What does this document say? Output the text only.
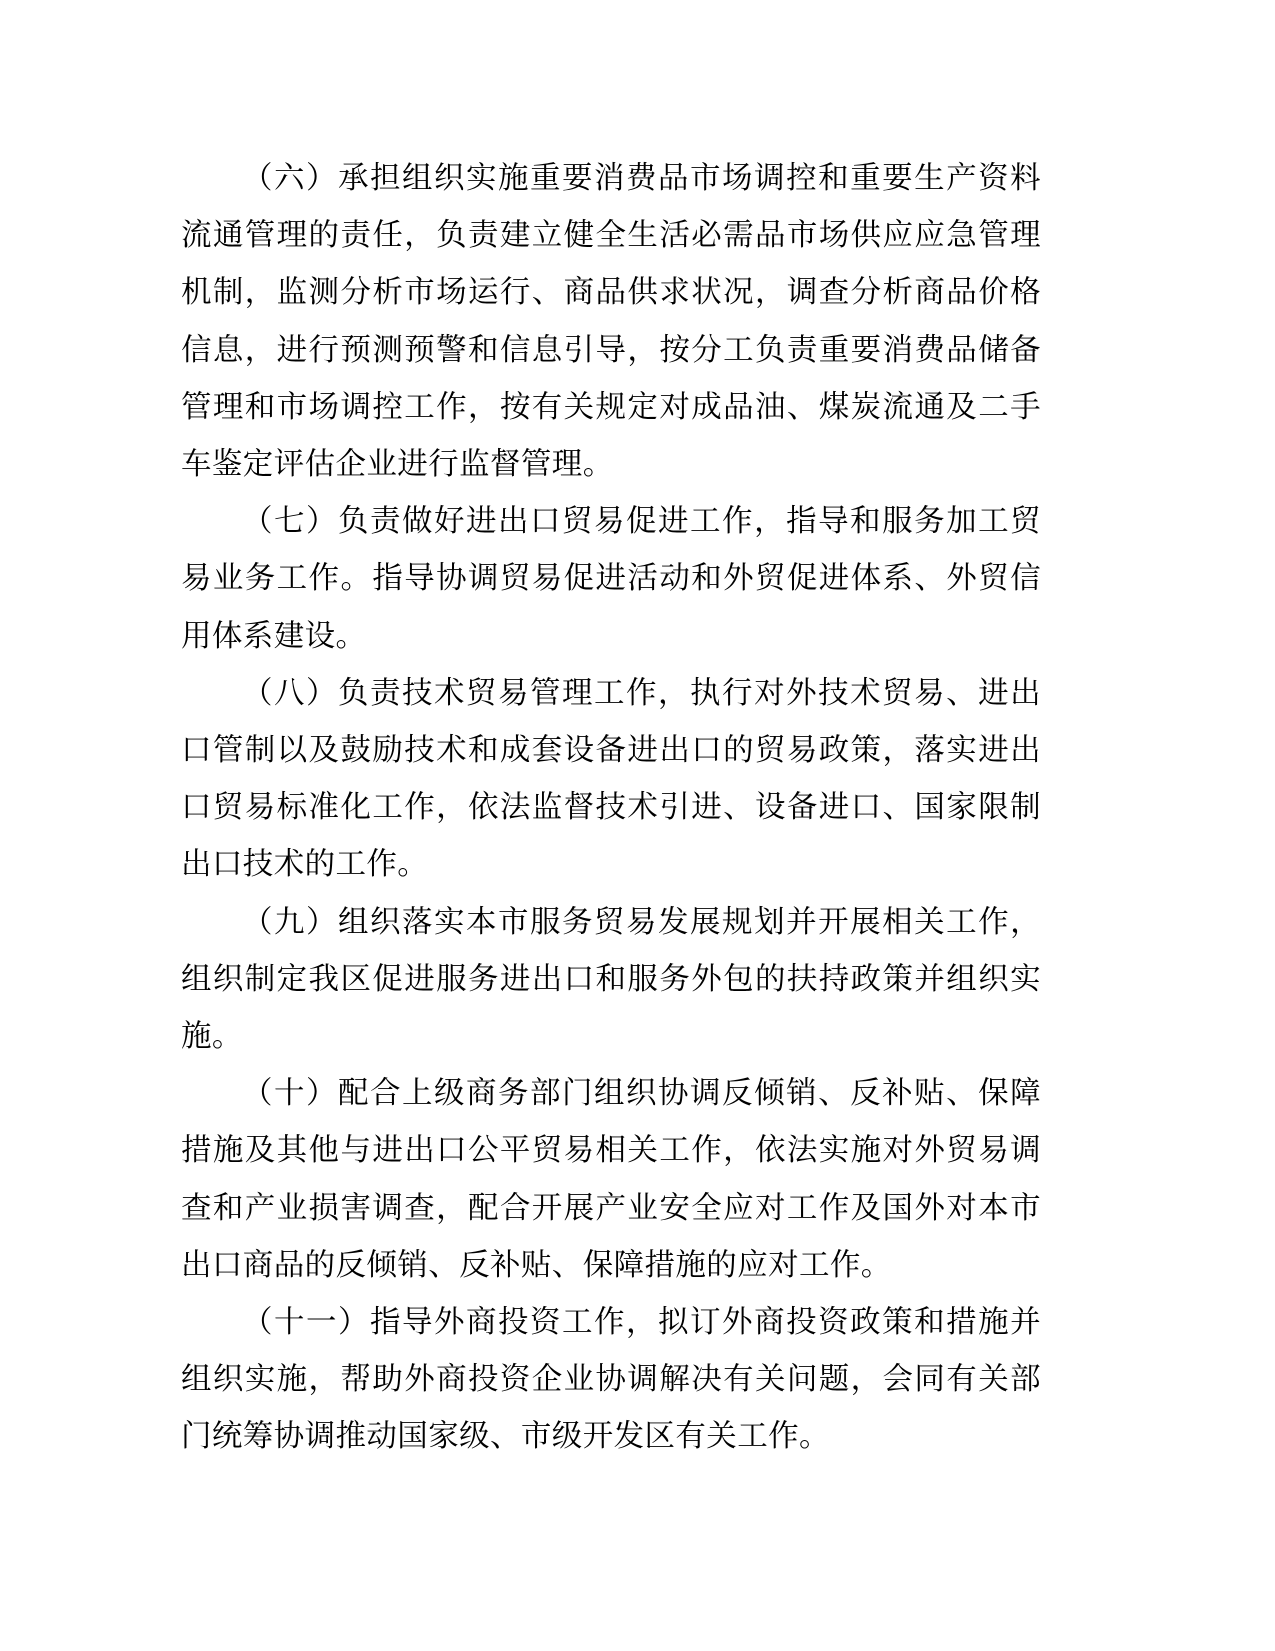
（六）承担组织实施重要消费品市场调控和重要生产资料流通管理的责任，负责建立健全生活必需品市场供应应急管理机制，监测分析市场运行、商品供求状况，调查分析商品价格信息，进行预测预警和信息引导，按分工负责重要消费品储备管理和市场调控工作，按有关规定对成品油、煤炭流通及二手车鉴定评估企业进行监督管理。

（七）负责做好进出口贸易促进工作，指导和服务加工贸易业务工作。指导协调贸易促进活动和外贸促进体系、外贸信用体系建设。

（八）负责技术贸易管理工作，执行对外技术贸易、进出口管制以及鼓励技术和成套设备进出口的贸易政策，落实进出口贸易标准化工作，依法监督技术引进、设备进口、国家限制出口技术的工作。

（九）组织落实本市服务贸易发展规划并开展相关工作，组织制定我区促进服务进出口和服务外包的扶持政策并组织实施。

（十）配合上级商务部门组织协调反倾销、反补贴、保障措施及其他与进出口公平贸易相关工作，依法实施对外贸易调查和产业损害调查，配合开展产业安全应对工作及国外对本市出口商品的反倾销、反补贴、保障措施的应对工作。

（十一）指导外商投资工作，拟订外商投资政策和措施并组织实施，帮助外商投资企业协调解决有关问题，会同有关部门统筹协调推动国家级、市级开发区有关工作。
